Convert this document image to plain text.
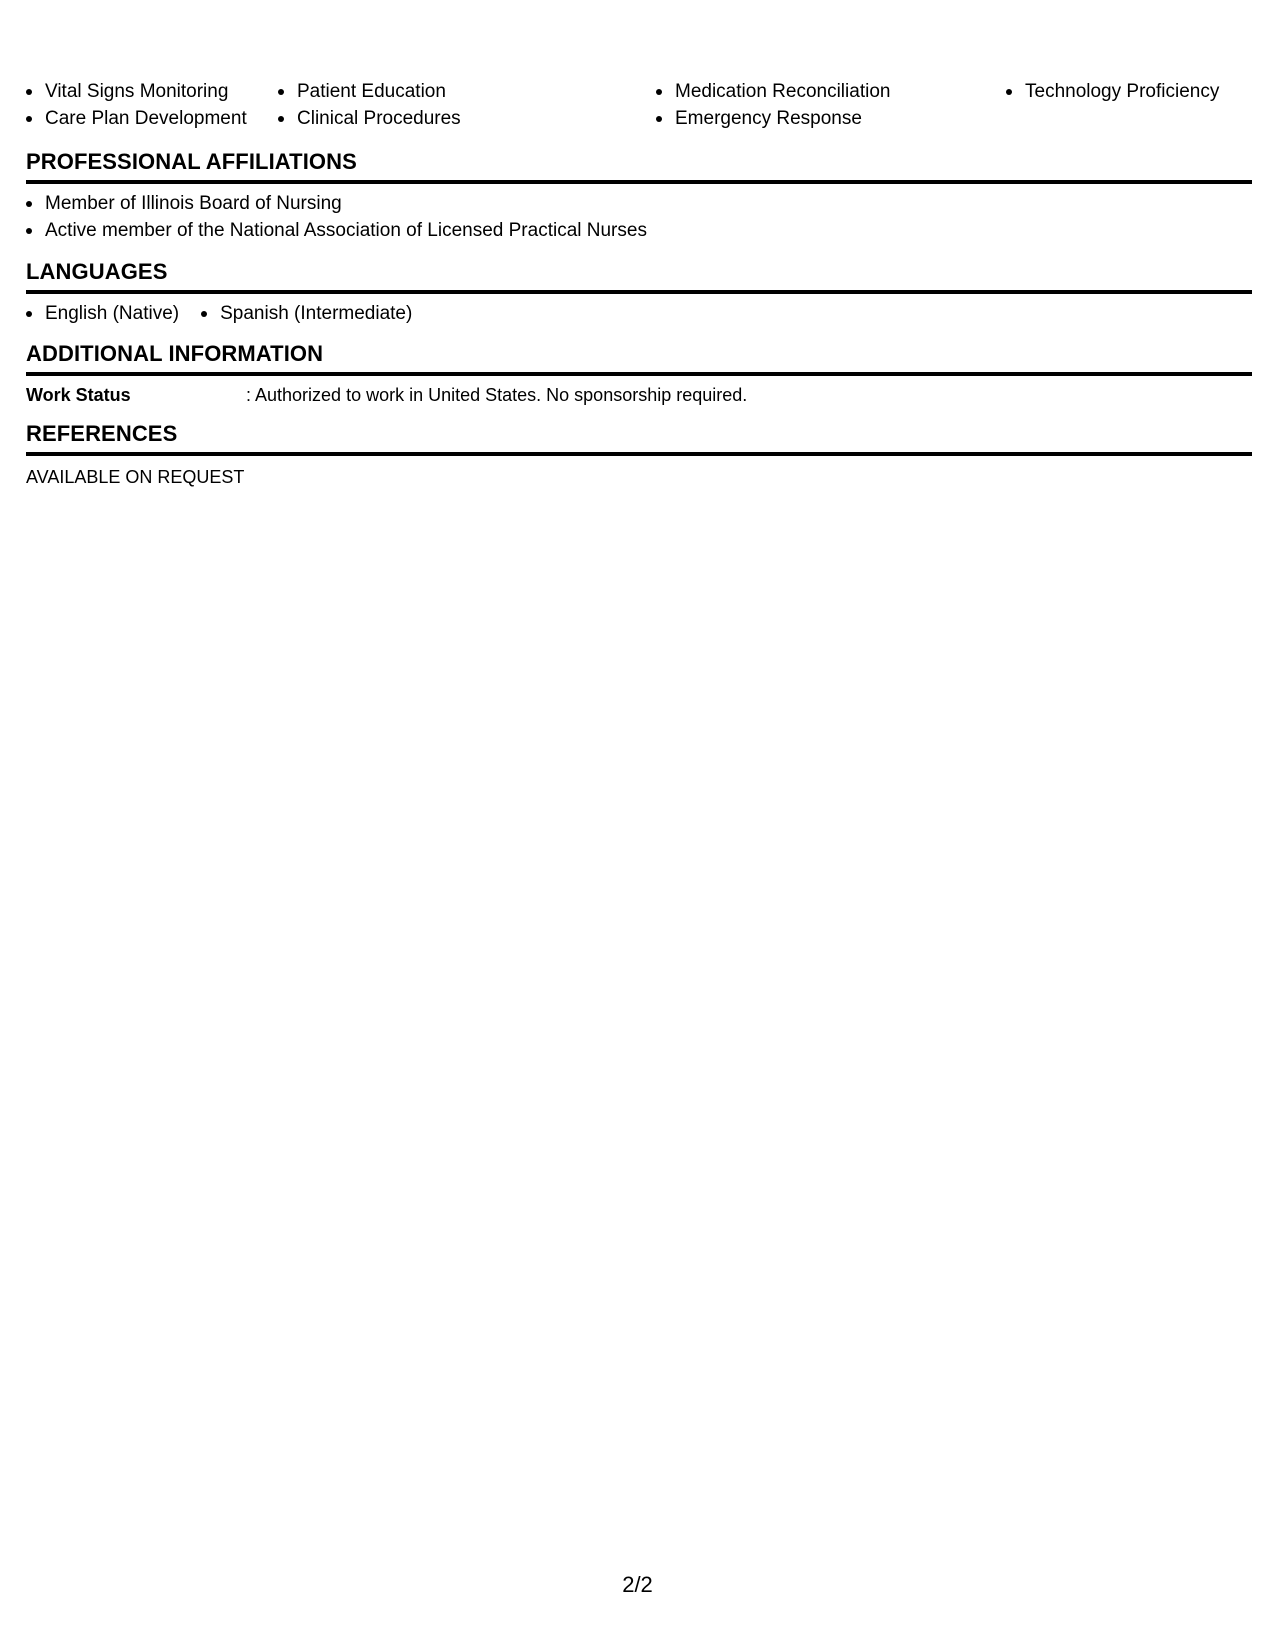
Vital Signs Monitoring
Care Plan Development
Patient Education
Clinical Procedures
Medication Reconciliation
Emergency Response
Technology Proficiency
PROFESSIONAL AFFILIATIONS
Member of Illinois Board of Nursing
Active member of the National Association of Licensed Practical Nurses
LANGUAGES
English (Native)	Spanish (Intermediate)
ADDITIONAL INFORMATION
Work Status	: Authorized to work in United States. No sponsorship required.
REFERENCES
AVAILABLE ON REQUEST
2/2
